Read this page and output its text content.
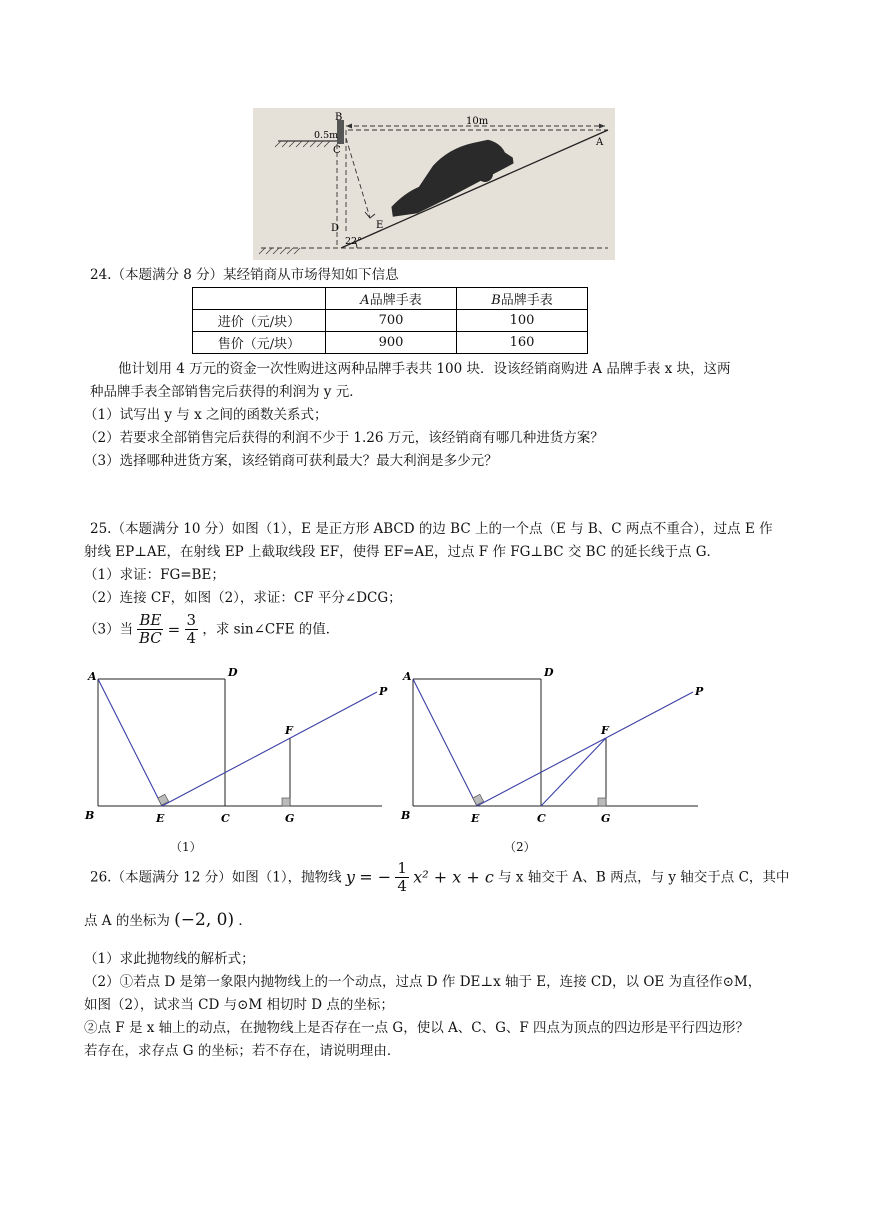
B
0.5m
C
10m
A
D	E
22°
24.（本题满分 8 分）某经销商从市场得知如下信息
	A品牌手表	B品牌手表
进价（元/块）	700	100
售价（元/块）	900	160
他计划用 4 万元的资金一次性购进这两种品牌手表共 100 块．设该经销商购进 A 品牌手表 x 块，这两
种品牌手表全部销售完后获得的利润为 y 元．
（1）试写出 y 与 x 之间的函数关系式；
（2）若要求全部销售完后获得的利润不少于 1.26 万元，该经销商有哪几种进货方案？
（3）选择哪种进货方案，该经销商可获利最大？最大利润是多少元？
25.（本题满分 10 分）如图（1），E 是正方形 ABCD 的边 BC 上的一个点（E 与 B、C 两点不重合），过点 E 作
射线 EP⊥AE，在射线 EP 上截取线段 EF，使得 EF=AE，过点 F 作 FG⊥BC 交 BC 的延长线于点 G．
（1）求证：FG=BE；
（2）连接 CF，如图（2），求证：CF 平分∠DCG；
（3）当 $\frac{BE}{BC} = \frac{3}{4}$ ，求 sin∠CFE 的值．
A	D
P
F
B	E	C	G
（1）
A	D
P
F
B	E	C	G
（2）
26.（本题满分 12 分）如图（1），抛物线 y = − $\frac{1}{4} x^2 + x + c$ 与 x 轴交于 A、B 两点，与 y 轴交于点 C，其中
点 A 的坐标为 (−2, 0) ．
（1）求此抛物线的解析式；
（2）①若点 D 是第一象限内抛物线上的一个动点，过点 D 作 DE⊥x 轴于 E，连接 CD，以 OE 为直径作⊙M，
如图（2），试求当 CD 与⊙M 相切时 D 点的坐标；
②点 F 是 x 轴上的动点，在抛物线上是否存在一点 G，使以 A、C、G、F 四点为顶点的四边形是平行四边形？
若存在，求存点 G 的坐标；若不存在，请说明理由．
